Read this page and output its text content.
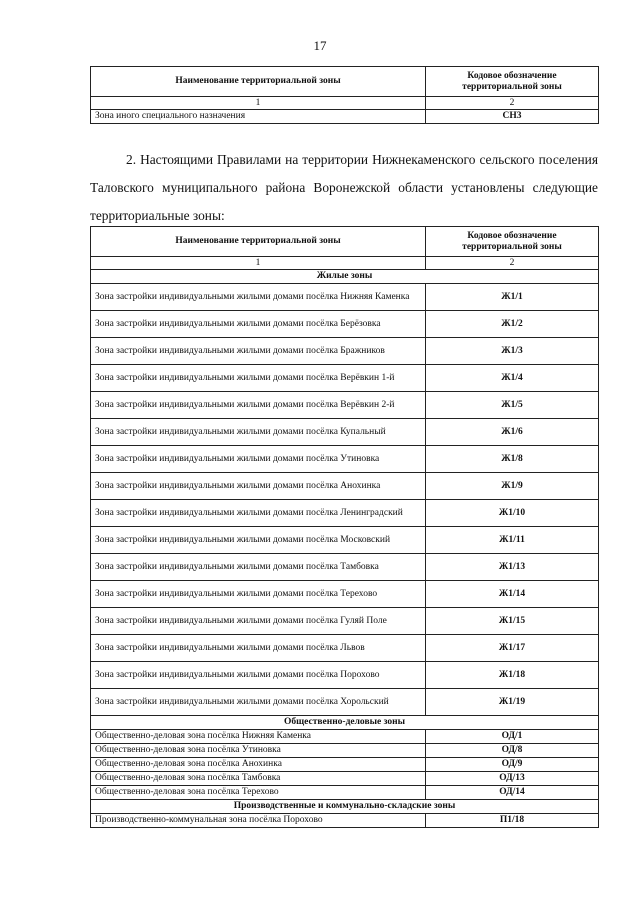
17
Наименование территориальной зоны	Кодовое обозначение территориальной зоны
1	2
Зона иного специального назначения	СН3
2. Настоящими Правилами на территории Нижнекаменского сельского поселения Таловского муниципального района Воронежской области установлены следующие территориальные зоны:
Наименование территориальной зоны	Кодовое обозначение территориальной зоны
1	2
Жилые зоны	
Зона застройки индивидуальными жилыми домами посёлка Нижняя Каменка	Ж1/1
Зона застройки индивидуальными жилыми домами посёлка Берёзовка	Ж1/2
Зона застройки индивидуальными жилыми домами посёлка Бражников	Ж1/3
Зона застройки индивидуальными жилыми домами посёлка Верёвкин 1-й	Ж1/4
Зона застройки индивидуальными жилыми домами посёлка Верёвкин 2-й	Ж1/5
Зона застройки индивидуальными жилыми домами посёлка Купальный	Ж1/6
Зона застройки индивидуальными жилыми домами посёлка Утиновка	Ж1/8
Зона застройки индивидуальными жилыми домами посёлка Анохинка	Ж1/9
Зона застройки индивидуальными жилыми домами посёлка Ленинградский	Ж1/10
Зона застройки индивидуальными жилыми домами посёлка Московский	Ж1/11
Зона застройки индивидуальными жилыми домами посёлка Тамбовка	Ж1/13
Зона застройки индивидуальными жилыми домами посёлка Терехово	Ж1/14
Зона застройки индивидуальными жилыми домами посёлка Гуляй Поле	Ж1/15
Зона застройки индивидуальными жилыми домами посёлка Львов	Ж1/17
Зона застройки индивидуальными жилыми домами посёлка Порохово	Ж1/18
Зона застройки индивидуальными жилыми домами посёлка Хорольский	Ж1/19
Общественно-деловые зоны	
Общественно-деловая зона посёлка Нижняя Каменка	ОД/1
Общественно-деловая зона посёлка Утиновка	ОД/8
Общественно-деловая зона посёлка Анохинка	ОД/9
Общественно-деловая зона посёлка Тамбовка	ОД/13
Общественно-деловая зона посёлка Терехово	ОД/14
Производственные и коммунально-складские зоны	
Производственно-коммунальная зона посёлка Порохово	П1/18
